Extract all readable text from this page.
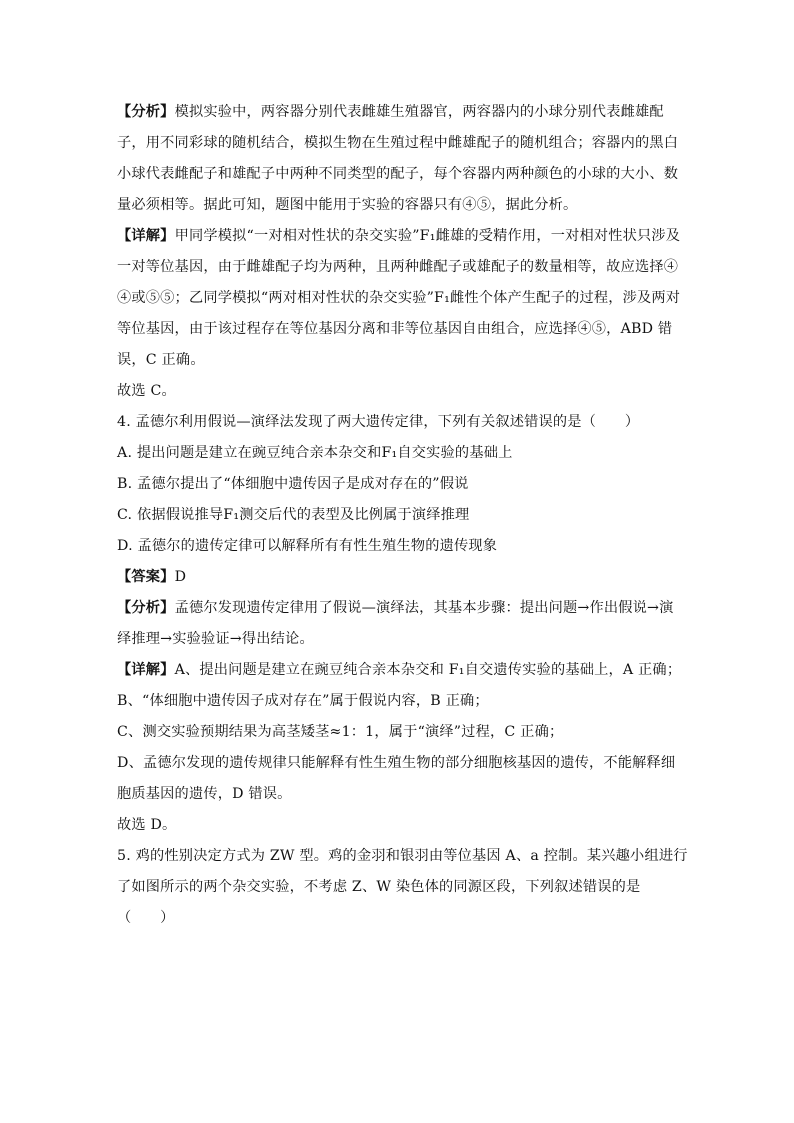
【分析】模拟实验中，两容器分别代表雌雄生殖器官，两容器内的小球分别代表雌雄配
子，用不同彩球的随机结合，模拟生物在生殖过程中雌雄配子的随机组合；容器内的黑白
小球代表雌配子和雄配子中两种不同类型的配子，每个容器内两种颜色的小球的大小、数
量必须相等。据此可知，题图中能用于实验的容器只有④⑤，据此分析。
【详解】甲同学模拟“一对相对性状的杂交实验”F₁雌雄的受精作用，一对相对性状只涉及
一对等位基因，由于雌雄配子均为两种，且两种雌配子或雄配子的数量相等，故应选择④
④或⑤⑤；乙同学模拟“两对相对性状的杂交实验”F₁雌性个体产生配子的过程，涉及两对
等位基因，由于该过程存在等位基因分离和非等位基因自由组合，应选择④⑤，ABD 错
误，C 正确。
故选 C。
4. 孟德尔利用假说—演绎法发现了两大遗传定律，下列有关叙述错误的是（　　）
A. 提出问题是建立在豌豆纯合亲本杂交和F₁自交实验的基础上
B. 孟德尔提出了“体细胞中遗传因子是成对存在的”假说
C. 依据假说推导F₁测交后代的表型及比例属于演绎推理
D. 孟德尔的遗传定律可以解释所有有性生殖生物的遗传现象
【答案】D
【分析】孟德尔发现遗传定律用了假说—演绎法，其基本步骤：提出问题→作出假说→演
绎推理→实验验证→得出结论。
【详解】A、提出问题是建立在豌豆纯合亲本杂交和 F₁自交遗传实验的基础上，A 正确；
B、“体细胞中遗传因子成对存在”属于假说内容，B 正确；
C、测交实验预期结果为高茎矮茎≈1：1，属于“演绎”过程，C 正确；
D、孟德尔发现的遗传规律只能解释有性生殖生物的部分细胞核基因的遗传，不能解释细
胞质基因的遗传，D 错误。
故选 D。
5. 鸡的性别决定方式为 ZW 型。鸡的金羽和银羽由等位基因 A、a 控制。某兴趣小组进行
了如图所示的两个杂交实验，不考虑 Z、W 染色体的同源区段，下列叙述错误的是
（　　）
